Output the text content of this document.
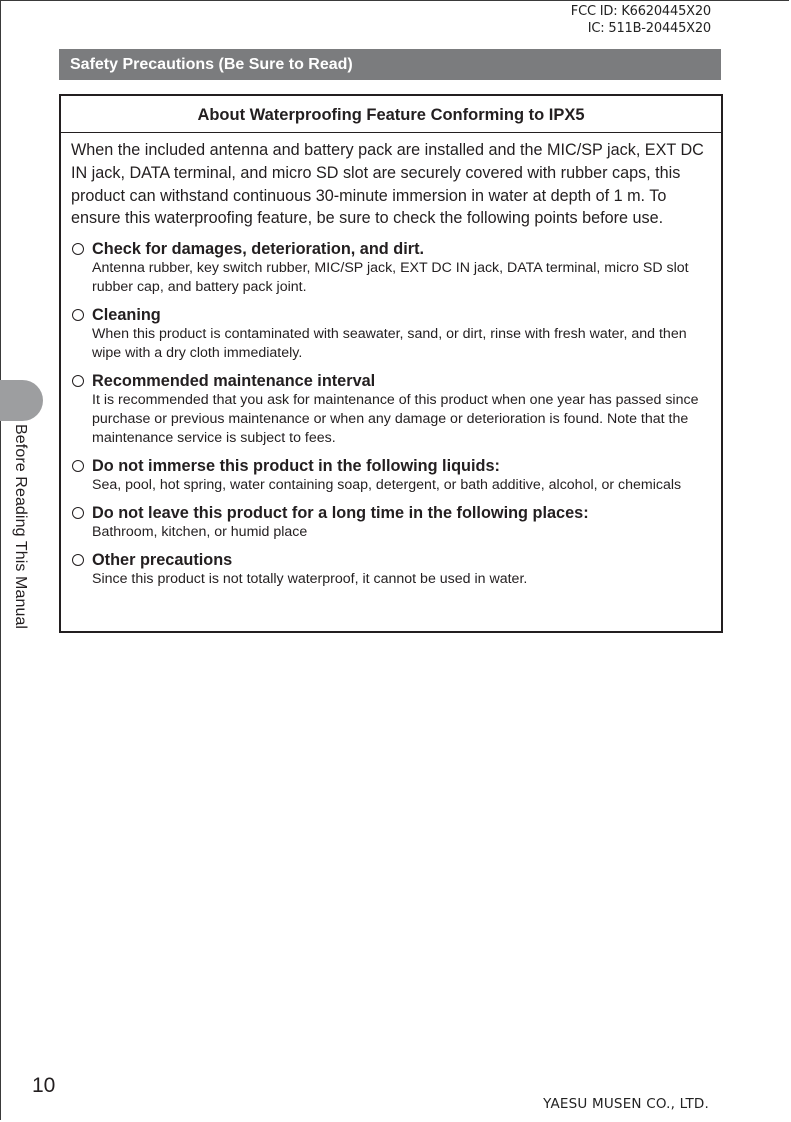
FCC ID: K6620445X20
IC: 511B-20445X20
Safety Precautions (Be Sure to Read)
About Waterproofing Feature Conforming to IPX5
When the included antenna and battery pack are installed and the MIC/SP jack, EXT DC IN jack, DATA terminal, and micro SD slot are securely covered with rubber caps, this product can withstand continuous 30-minute immersion in water at depth of 1 m. To ensure this waterproofing feature, be sure to check the following points before use.
Check for damages, deterioration, and dirt.
Antenna rubber, key switch rubber, MIC/SP jack, EXT DC IN jack, DATA terminal, micro SD slot rubber cap, and battery pack joint.
Cleaning
When this product is contaminated with seawater, sand, or dirt, rinse with fresh water, and then wipe with a dry cloth immediately.
Recommended maintenance interval
It is recommended that you ask for maintenance of this product when one year has passed since purchase or previous maintenance or when any damage or deterioration is found. Note that the maintenance service is subject to fees.
Do not immerse this product in the following liquids:
Sea, pool, hot spring, water containing soap, detergent, or bath additive, alcohol, or chemicals
Do not leave this product for a long time in the following places:
Bathroom, kitchen, or humid place
Other precautions
Since this product is not totally waterproof, it cannot be used in water.
Before Reading This Manual
10
YAESU MUSEN CO., LTD.
